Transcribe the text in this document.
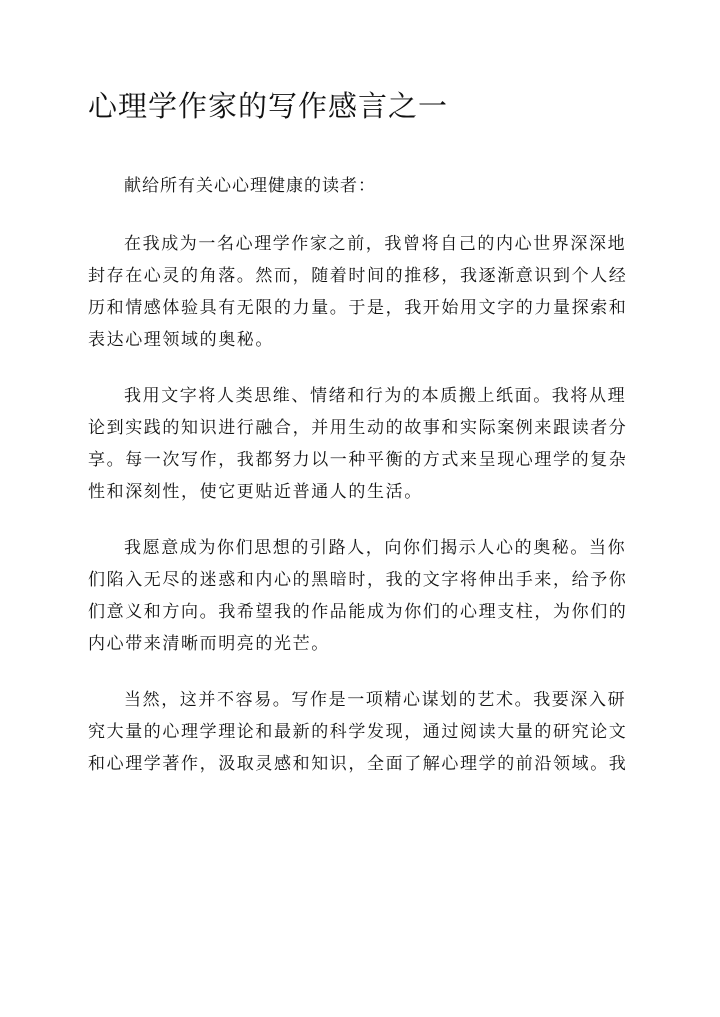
心理学作家的写作感言之一

献给所有关心心理健康的读者：

在我成为一名心理学作家之前，我曾将自己的内心世界深深地
封存在心灵的角落。然而，随着时间的推移，我逐渐意识到个人经
历和情感体验具有无限的力量。于是，我开始用文字的力量探索和
表达心理领域的奥秘。
我用文字将人类思维、情绪和行为的本质搬上纸面。我将从理
论到实践的知识进行融合，并用生动的故事和实际案例来跟读者分
享。每一次写作，我都努力以一种平衡的方式来呈现心理学的复杂
性和深刻性，使它更贴近普通人的生活。
我愿意成为你们思想的引路人，向你们揭示人心的奥秘。当你
们陷入无尽的迷惑和内心的黑暗时，我的文字将伸出手来，给予你
们意义和方向。我希望我的作品能成为你们的心理支柱，为你们的
内心带来清晰而明亮的光芒。
当然，这并不容易。写作是一项精心谋划的艺术。我要深入研
究大量的心理学理论和最新的科学发现，通过阅读大量的研究论文
和心理学著作，汲取灵感和知识，全面了解心理学的前沿领域。我
